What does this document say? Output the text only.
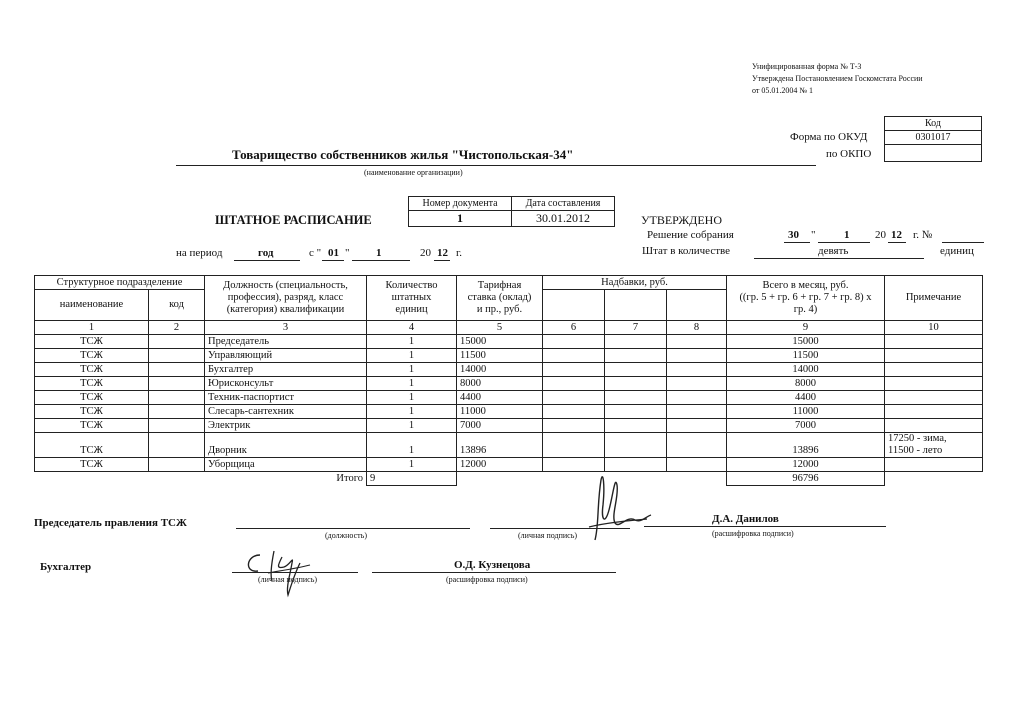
Унифицированная форма № Т-3
Утверждена Постановлением Госкомстата России
от 05.01.2004 № 1
Код
0301017
Форма по ОКУД
по ОКПО
Товарищество собственников жилья "Чистопольская-34"
(наименование организации)
ШТАТНОЕ РАСПИСАНИЕ
Номер документа	Дата составления
1	30.01.2012
на период	год	с " 01 " 1	20 12 г.
УТВЕРЖДЕНО
Решение собрания	30 "	1 20 12 г. №
Штат в количестве	девять	единиц
Структурное подразделение		Должность (специальность,
профессия), разряд, класс
(категория) квалификации	Количество
штатных
единиц	Тарифная
ставка (оклад)
и пр., руб.	Надбавки, руб.			Всего в месяц, руб.
((гр. 5 + гр. 6 + гр. 7 + гр. 8) х
гр. 4)	Примечание
наименование	код								
1	2	3	4	5	6	7	8	9	10
ТСЖ		Председатель	1	15000				15000	
ТСЖ		Управляющий	1	11500				11500	
ТСЖ		Бухгалтер	1	14000				14000	
ТСЖ		Юрисконсульт	1	8000				8000	
ТСЖ		Техник-паспортист	1	4400				4400	
ТСЖ		Слесарь-сантехник	1	11000				11000	
ТСЖ		Электрик	1	7000				7000	
ТСЖ		Дворник	1	13896				13896	17250 - зима,
11500 - лето
ТСЖ		Уборщица	1	12000				12000	
Итого			9					96796	
Председатель правления ТСЖ
(должность)	(личная подпись)
Д.А. Данилов
(расшифровка подписи)
Бухгалтер
(личная подпись)
О.Д. Кузнецова
(расшифровка подписи)
